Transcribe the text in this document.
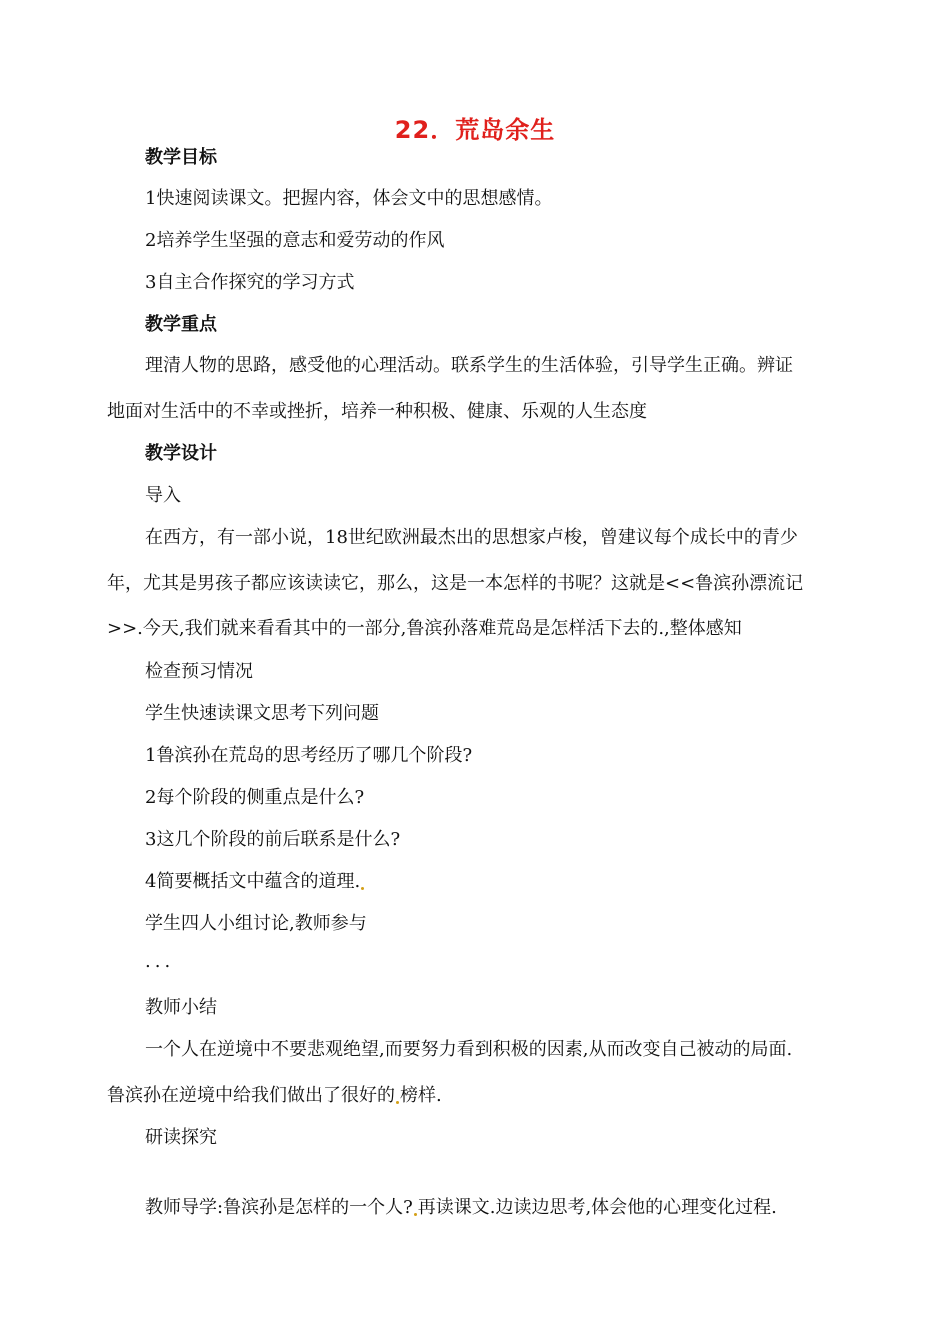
22．荒岛余生
教学目标
1快速阅读课文。把握内容，体会文中的思想感情。
2培养学生坚强的意志和爱劳动的作风
3自主合作探究的学习方式
教学重点
理清人物的思路，感受他的心理活动。联系学生的生活体验，引导学生正确。辨证
地面对生活中的不幸或挫折，培养一种积极、健康、乐观的人生态度
教学设计
导入
在西方，有一部小说，18世纪欧洲最杰出的思想家卢梭，曾建议每个成长中的青少
年，尤其是男孩子都应该读读它，那么，这是一本怎样的书呢？这就是<<鲁滨孙漂流记
>>.今天,我们就来看看其中的一部分,鲁滨孙落难荒岛是怎样活下去的.,整体感知
检查预习情况
学生快速读课文思考下列问题
1鲁滨孙在荒岛的思考经历了哪几个阶段?
2每个阶段的侧重点是什么?
3这几个阶段的前后联系是什么?
4简要概括文中蕴含的道理.
学生四人小组讨论,教师参与
...
教师小结
一个人在逆境中不要悲观绝望,而要努力看到积极的因素,从而改变自己被动的局面.
鲁滨孙在逆境中给我们做出了很好的 榜样.
研读探究
教师导学:鲁滨孙是怎样的一个人? 再读课文.边读边思考,体会他的心理变化过程.
